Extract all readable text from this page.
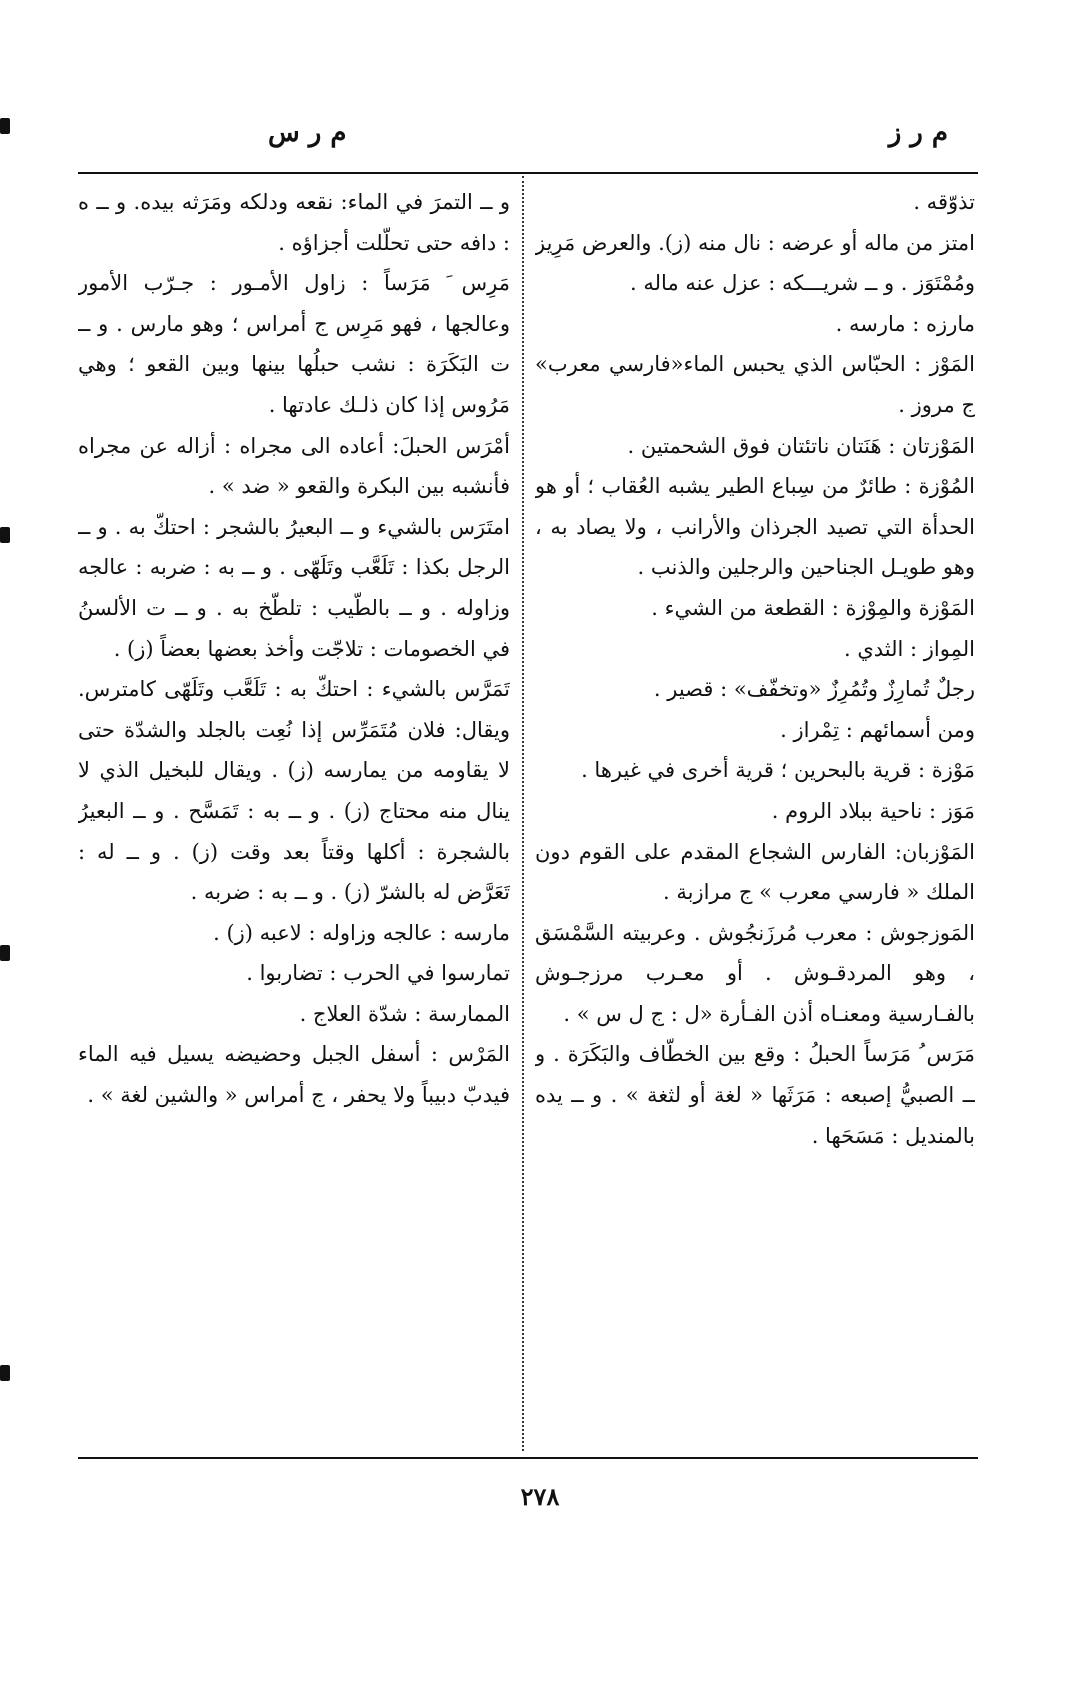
م ر ز
م ر س

تذوّقه .

امتز من ماله أو عرضه : نال منه (ز). والعرض مَرِيز ومُمْتَوَز . و ــ شريـــكه : عزل عنه ماله .

مارزه : مارسه .

المَوْز : الحبّاس الذي يحبس الماء«فارسي معرب» ج مروز .

المَوْزتان : هَنَتان ناتئتان فوق الشحمتين .

المُوْزة : طائرٌ من سِباع الطير يشبه العُقاب ؛ أو هو الحدأة التي تصيد الجرذان والأرانب ، ولا يصاد به ، وهو طويـل الجناحين والرجلين والذنب .

المَوْزة والمِوْزة : القطعة من الشيء .

المِواز : الثدي .

رجلٌ تُمارِزٌ وتُمُرِزٌ «وتخفّف» : قصير .

ومن أسمائهم : تِمْراز .

مَوْزة : قرية بالبحرين ؛ قرية أخرى في غيرها .

مَوَز : ناحية ببلاد الروم .

المَوْزبان: الفارس الشجاع المقدم على القوم دون الملك « فارسي معرب » ج مرازبة .

المَوزجوش : معرب مُرزَنجُوش . وعربيته السَّمْسَق ، وهو المردقـوش . أو معـرب مرزجـوش بالفـارسية ومعنـاه أذن الفـأرة «ل : ج ل س » .

مَرَس ُ مَرَساً الحبلُ : وقع بين الخطّاف والبَكَرَة . و ــ الصبيُّ إصبعه : مَرَثَها « لغة أو لثغة » . و ــ يده بالمنديل : مَسَحَها .

و ــ التمرَ في الماء: نقعه ودلكه ومَرَثه بيده. و ــ ه : دافه حتى تحلّلت أجزاؤه .

مَرِس َ مَرَساً : زاول الأمـور : جـرّب الأمور وعالجها ، فهو مَرِس ج أمراس ؛ وهو مارس . و ــ ت البَكَرَة : نشب حبلُها بينها وبين القعو ؛ وهي مَرُوس إذا كان ذلـك عادتها .

أمْرَس الحبلَ: أعاده الى مجراه : أزاله عن مجراه فأنشبه بين البكرة والقعو « ضد » .

امتَرَس بالشيء و ــ البعيرُ بالشجر : احتكّ به . و ــ الرجل بكذا : تَلَعَّب وتَلَهّى . و ــ به : ضربه : عالجه وزاوله . و ــ بالطّيب : تلطّخ به . و ــ ت الألسنُ في الخصومات : تلاجّت وأخذ بعضها بعضاً (ز) .

تَمَرَّس بالشيء : احتكّ به : تَلَعَّب وتَلَهّى كامترس. ويقال: فلان مُتَمَرِّس إذا نُعِت بالجلد والشدّة حتى لا يقاومه من يمارسه (ز) . ويقال للبخيل الذي لا ينال منه محتاج (ز) . و ــ به : تَمَسَّح . و ــ البعيرُ بالشجرة : أكلها وقتاً بعد وقت (ز) . و ــ له : تَعَرَّض له بالشرّ (ز) . و ــ به : ضربه .

مارسه : عالجه وزاوله : لاعبه (ز) .

تمارسوا في الحرب : تضاربوا .

الممارسة : شدّة العلاج .

المَرْس : أسفل الجبل وحضيضه يسيل فيه الماء فيدبّ دبيباً ولا يحفر ، ج أمراس « والشين لغة » .

٢٧٨
